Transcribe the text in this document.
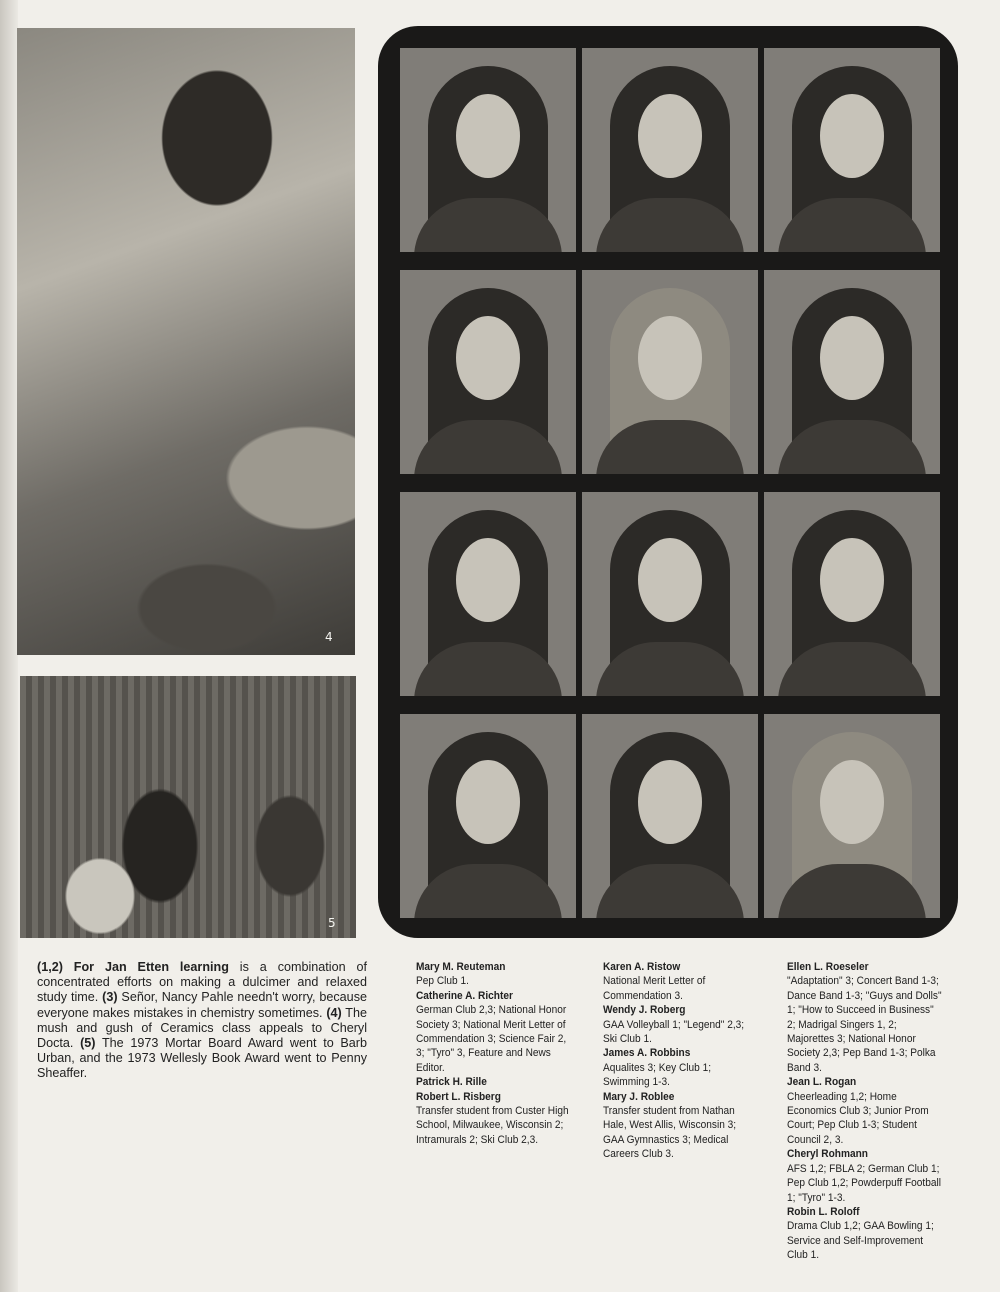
4
5

(1,2) For Jan Etten learning is a combination of concentrated efforts on making a dulcimer and relaxed study time. (3) Señor, Nancy Pahle needn't worry, because everyone makes mistakes in chemistry sometimes. (4) The mush and gush of Ceramics class appeals to Cheryl Docta. (5) The 1973 Mortar Board Award went to Barb Urban, and the 1973 Wellesly Book Award went to Penny Sheaffer.

Mary M. Reuteman
Pep Club 1.
Catherine A. Richter
German Club 2,3; National Honor Society 3; National Merit Letter of Commendation 3; Science Fair 2, 3; "Tyro" 3, Feature and News Editor.
Patrick H. Rille
Robert L. Risberg
Transfer student from Custer High School, Milwaukee, Wisconsin 2; Intramurals 2; Ski Club 2,3.
Karen A. Ristow
National Merit Letter of Commendation 3.
Wendy J. Roberg
GAA Volleyball 1; "Legend" 2,3; Ski Club 1.
James A. Robbins
Aqualites 3; Key Club 1; Swimming 1-3.
Mary J. Roblee
Transfer student from Nathan Hale, West Allis, Wisconsin 3; GAA Gymnastics 3; Medical Careers Club 3.
Ellen L. Roeseler
"Adaptation" 3; Concert Band 1-3; Dance Band 1-3; "Guys and Dolls" 1; "How to Succeed in Business" 2; Madrigal Singers 1, 2; Majorettes 3; National Honor Society 2,3; Pep Band 1-3; Polka Band 3.
Jean L. Rogan
Cheerleading 1,2; Home Economics Club 3; Junior Prom Court; Pep Club 1-3; Student Council 2, 3.
Cheryl Rohmann
AFS 1,2; FBLA 2; German Club 1; Pep Club 1,2; Powderpuff Football 1; "Tyro" 1-3.
Robin L. Roloff
Drama Club 1,2; GAA Bowling 1; Service and Self-Improvement Club 1.
